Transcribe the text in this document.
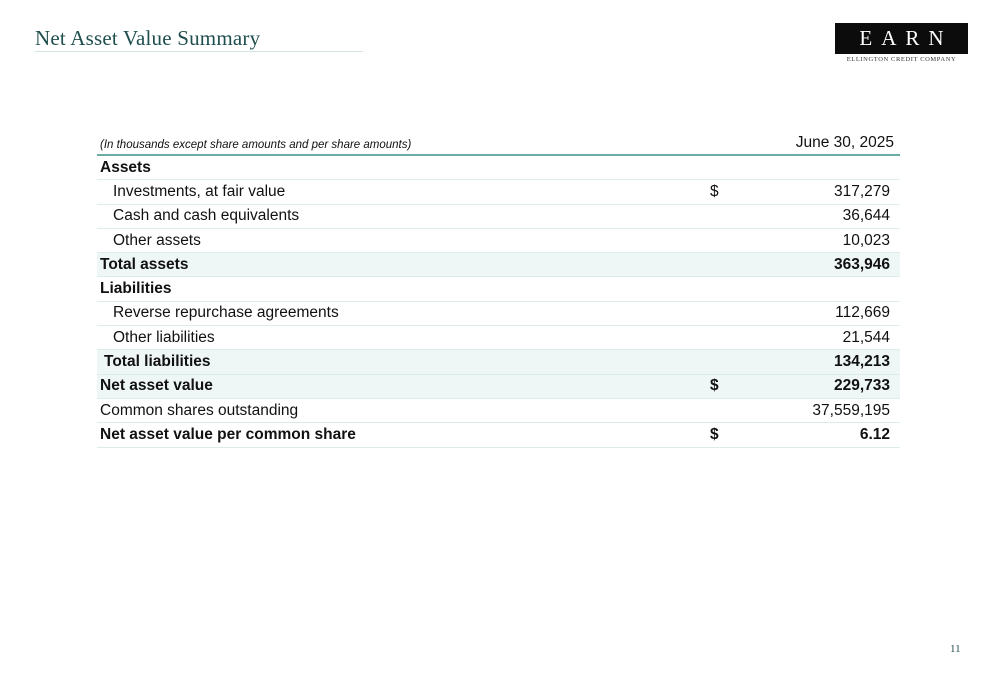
Net Asset Value Summary	EARN
ELLINGTON CREDIT COMPANY
(In thousands except share amounts and per share amounts)	June 30, 2025
Assets
Investments, at fair value	$	317,279
Cash and cash equivalents	36,644
Other assets	10,023
Total assets	363,946
Liabilities
Reverse repurchase agreements	112,669
Other liabilities	21,544
Total liabilities	134,213
Net asset value	$	229,733
Common shares outstanding	37,559,195
Net asset value per common share	$	6.12
11
